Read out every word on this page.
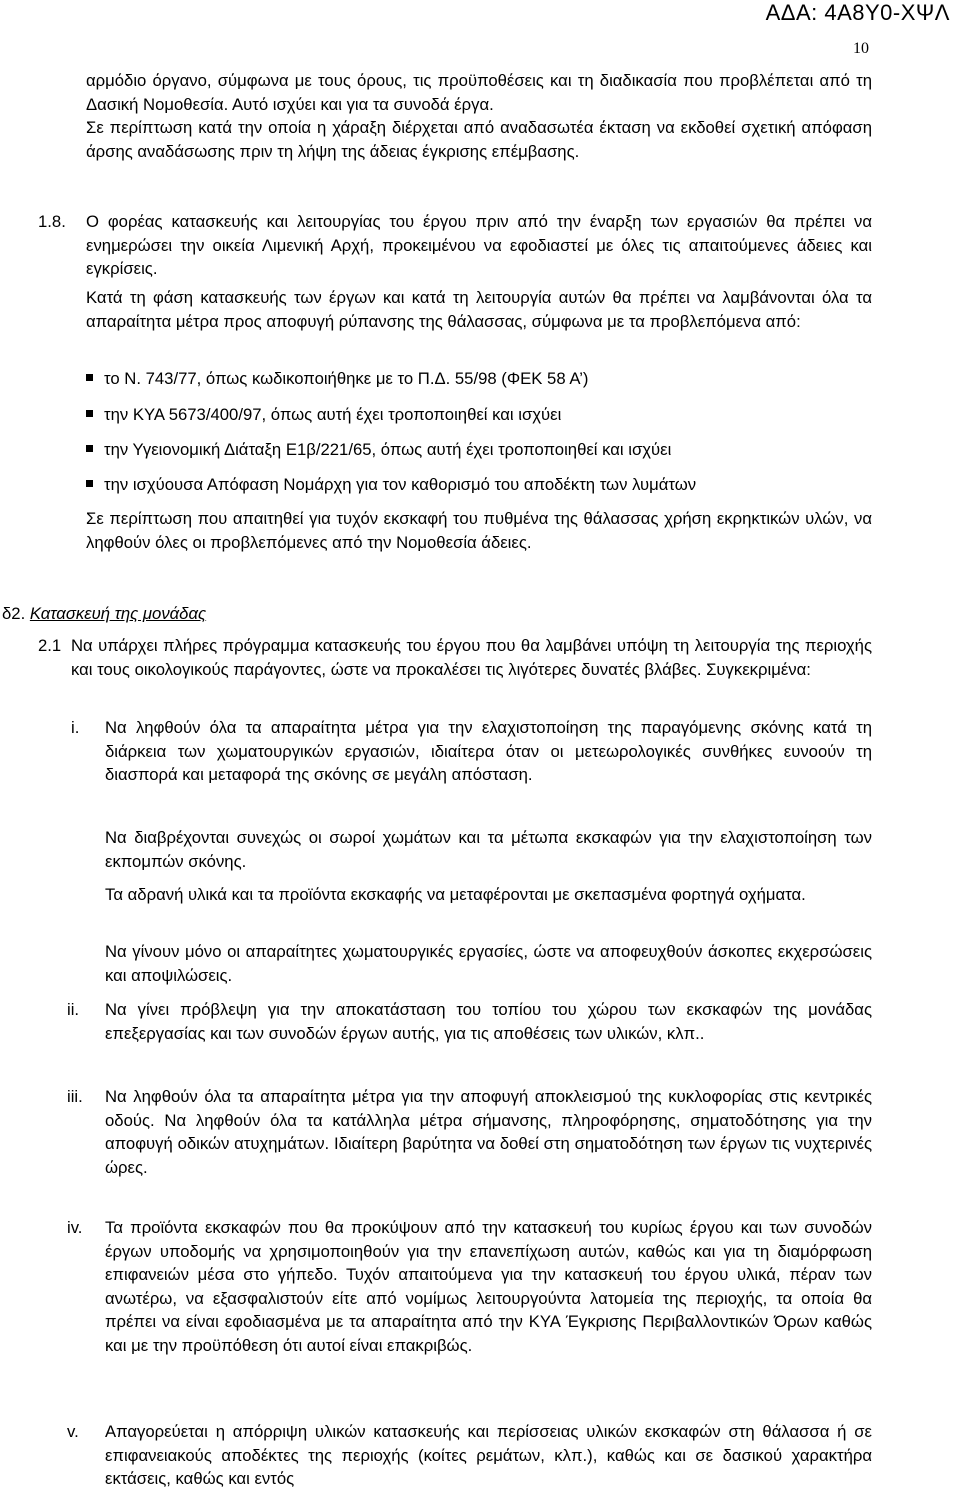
ΑΔΑ: 4Α8Υ0-ΧΨΛ
10

αρμόδιο όργανο, σύμφωνα με τους όρους, τις προϋποθέσεις και τη διαδικασία που προβλέπεται από τη Δασική Νομοθεσία. Αυτό ισχύει και για τα συνοδά έργα.

Σε περίπτωση κατά την οποία η χάραξη διέρχεται από αναδασωτέα έκταση να εκδοθεί σχετική απόφαση άρσης αναδάσωσης πριν τη λήψη της άδειας έγκρισης επέμβασης.

1.8. Ο φορέας κατασκευής και λειτουργίας του έργου πριν από την έναρξη των εργασιών θα πρέπει να ενημερώσει την οικεία Λιμενική Αρχή, προκειμένου να εφοδιαστεί με όλες τις απαιτούμενες άδειες και εγκρίσεις.

Κατά τη φάση κατασκευής των έργων και κατά τη λειτουργία αυτών θα πρέπει να λαμβάνονται όλα τα απαραίτητα μέτρα προς αποφυγή ρύπανσης της θάλασσας, σύμφωνα με τα προβλεπόμενα από:

το Ν. 743/77, όπως κωδικοποιήθηκε με το Π.Δ. 55/98 (ΦΕΚ 58 Α’)
την ΚΥΑ 5673/400/97, όπως αυτή έχει τροποποιηθεί και ισχύει
την Υγειονομική Διάταξη Ε1β/221/65, όπως αυτή έχει τροποποιηθεί και ισχύει
την ισχύουσα Απόφαση Νομάρχη για τον καθορισμό του αποδέκτη των λυμάτων

Σε περίπτωση που απαιτηθεί για τυχόν εκσκαφή του πυθμένα της θάλασσας χρήση εκρηκτικών υλών, να ληφθούν όλες οι προβλεπόμενες από την Νομοθεσία άδειες.

δ2. Κατασκευή της μονάδας
2.1 Να υπάρχει πλήρες πρόγραμμα κατασκευής του έργου που θα λαμβάνει υπόψη τη λειτουργία της περιοχής και τους οικολογικούς παράγοντες, ώστε να προκαλέσει τις λιγότερες δυνατές βλάβες. Συγκεκριμένα:

i. Να ληφθούν όλα τα απαραίτητα μέτρα για την ελαχιστοποίηση της παραγόμενης σκόνης κατά τη διάρκεια των χωματουργικών εργασιών, ιδιαίτερα όταν οι μετεωρολογικές συνθήκες ευνοούν τη διασπορά και μεταφορά της σκόνης σε μεγάλη απόσταση.

Να διαβρέχονται συνεχώς οι σωροί χωμάτων και τα μέτωπα εκσκαφών για την ελαχιστοποίηση των εκπομπών σκόνης.

Τα αδρανή υλικά και τα προϊόντα εκσκαφής να μεταφέρονται με σκεπασμένα φορτηγά οχήματα.

Να γίνουν μόνο οι απαραίτητες χωματουργικές εργασίες, ώστε να αποφευχθούν άσκοπες εκχερσώσεις και αποψιλώσεις.

ii. Να γίνει πρόβλεψη για την αποκατάσταση του τοπίου του χώρου των εκσκαφών της μονάδας επεξεργασίας και των συνοδών έργων αυτής, για τις αποθέσεις των υλικών, κλπ..

iii. Να ληφθούν όλα τα απαραίτητα μέτρα για την αποφυγή αποκλεισμού της κυκλοφορίας στις κεντρικές οδούς. Να ληφθούν όλα τα κατάλληλα μέτρα σήμανσης, πληροφόρησης, σηματοδότησης για την αποφυγή οδικών ατυχημάτων. Ιδιαίτερη βαρύτητα να δοθεί στη σηματοδότηση των έργων τις νυχτερινές ώρες.

iv. Τα προϊόντα εκσκαφών που θα προκύψουν από την κατασκευή του κυρίως έργου και των συνοδών έργων υποδομής να χρησιμοποιηθούν για την επανεπίχωση αυτών, καθώς και για τη διαμόρφωση επιφανειών μέσα στο γήπεδο. Τυχόν απαιτούμενα για την κατασκευή του έργου υλικά, πέραν των ανωτέρω, να εξασφαλιστούν είτε από νομίμως λειτουργούντα λατομεία της περιοχής, τα οποία θα πρέπει να είναι εφοδιασμένα με τα απαραίτητα από την ΚΥΑ Έγκρισης Περιβαλλοντικών Όρων καθώς και με την προϋπόθεση ότι αυτοί είναι επακριβώς.

v. Απαγορεύεται η απόρριψη υλικών κατασκευής και περίσσειας υλικών εκσκαφών στη θάλασσα ή σε επιφανειακούς αποδέκτες της περιοχής (κοίτες ρεμάτων, κλπ.), καθώς και σε δασικού χαρακτήρα εκτάσεις, καθώς και εντός
